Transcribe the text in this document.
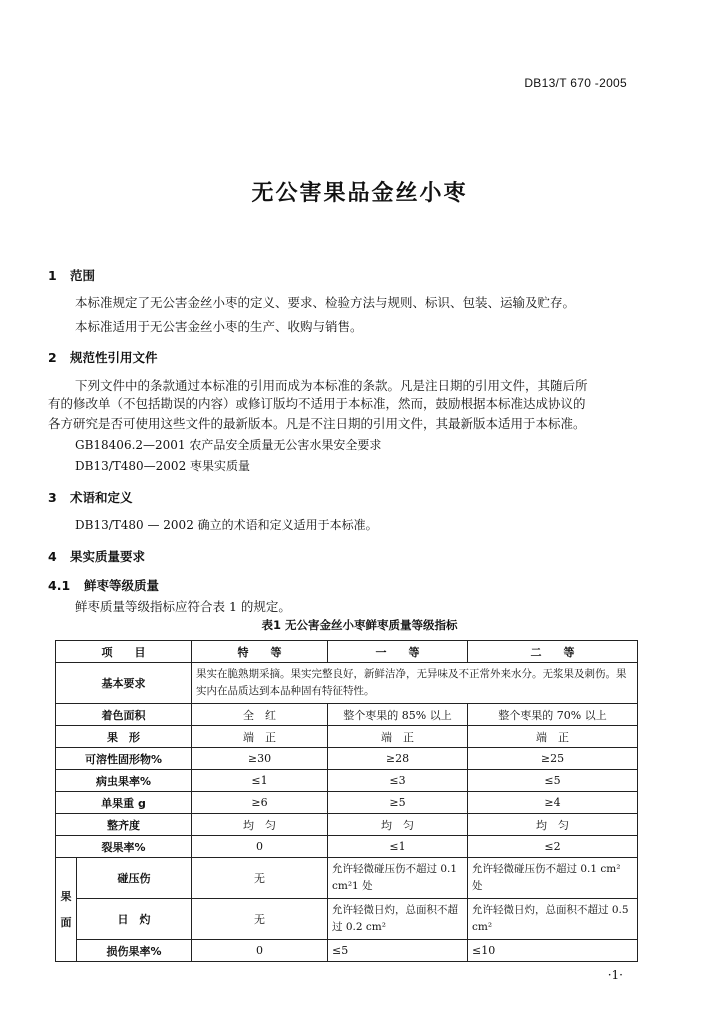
DB13/T 670 -2005
无公害果品金丝小枣
1 范围
本标准规定了无公害金丝小枣的定义、要求、检验方法与规则、标识、包装、运输及贮存。
本标准适用于无公害金丝小枣的生产、收购与销售。
2 规范性引用文件
下列文件中的条款通过本标准的引用而成为本标准的条款。凡是注日期的引用文件，其随后所
有的修改单（不包括勘误的内容）或修订版均不适用于本标准，然而，鼓励根据本标准达成协议的
各方研究是否可使用这些文件的最新版本。凡是不注日期的引用文件，其最新版本适用于本标准。
GB18406.2—2001 农产品安全质量无公害水果安全要求
DB13/T480—2002 枣果实质量
3 术语和定义
DB13/T480 — 2002 确立的术语和定义适用于本标准。
4 果实质量要求
4.1 鲜枣等级质量
鲜枣质量等级指标应符合表 1 的规定。
表1 无公害金丝小枣鲜枣质量等级指标
项　　目		特　　等	一　　等	二　　等
基本要求		果实在脆熟期采摘。果实完整良好，新鲜洁净，无异味及不正常外来水分。无浆果及刺伤。果实内在品质达到本品种固有特征特性。		
着色面积		全　红	整个枣果的 85% 以上	整个枣果的 70% 以上
果　形		端　正	端　正	端　正
可溶性固形物%		≥30	≥28	≥25
病虫果率%		≤1	≤3	≤5
单果重 g		≥6	≥5	≥4
整齐度		均　匀	均　匀	均　匀
裂果率%		0	≤1	≤2
果面	碰压伤	无	允许轻微碰压伤不超过 0.1 cm²1 处	允许轻微碰压伤不超过 0.1 cm² 处
	日　灼	无	允许轻微日灼，总面积不超过 0.2 cm²	允许轻微日灼，总面积不超过 0.5 cm²
	损伤果率%	0	≤5	≤10
·1·
